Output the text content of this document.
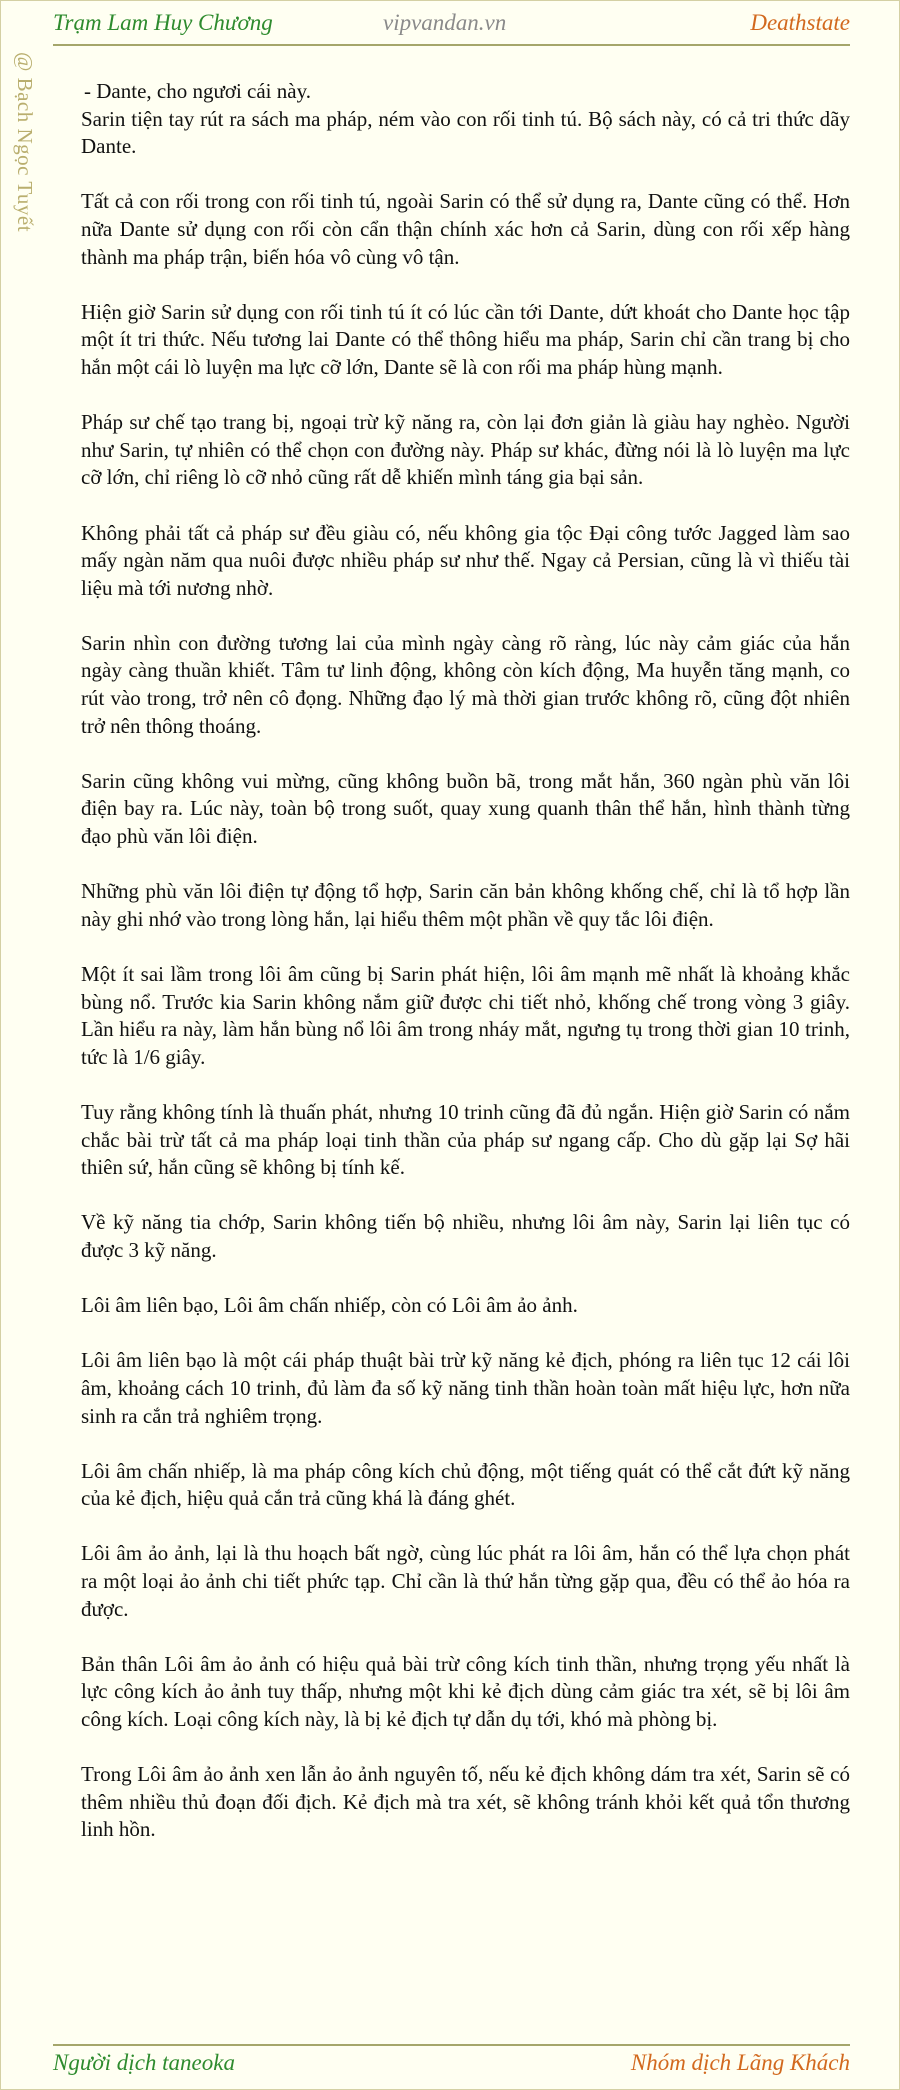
Trạm Lam Huy Chương	vipvandan.vn	Deathstate
@ Bạch Ngọc Tuyết - Dante, cho ngươi cái này.

Sarin tiện tay rút ra sách ma pháp, ném vào con rối tinh tú. Bộ sách này, có cả tri thức dãy Dante.

Tất cả con rối trong con rối tinh tú, ngoài Sarin có thể sử dụng ra, Dante cũng có thể. Hơn nữa Dante sử dụng con rối còn cẩn thận chính xác hơn cả Sarin, dùng con rối xếp hàng thành ma pháp trận, biến hóa vô cùng vô tận.

Hiện giờ Sarin sử dụng con rối tinh tú ít có lúc cần tới Dante, dứt khoát cho Dante học tập một ít tri thức. Nếu tương lai Dante có thể thông hiểu ma pháp, Sarin chỉ cần trang bị cho hắn một cái lò luyện ma lực cỡ lớn, Dante sẽ là con rối ma pháp hùng mạnh.

Pháp sư chế tạo trang bị, ngoại trừ kỹ năng ra, còn lại đơn giản là giàu hay nghèo. Người như Sarin, tự nhiên có thể chọn con đường này. Pháp sư khác, đừng nói là lò luyện ma lực cỡ lớn, chỉ riêng lò cỡ nhỏ cũng rất dễ khiến mình táng gia bại sản.

Không phải tất cả pháp sư đều giàu có, nếu không gia tộc Đại công tước Jagged làm sao mấy ngàn năm qua nuôi được nhiều pháp sư như thế. Ngay cả Persian, cũng là vì thiếu tài liệu mà tới nương nhờ.

Sarin nhìn con đường tương lai của mình ngày càng rõ ràng, lúc này cảm giác của hắn ngày càng thuần khiết. Tâm tư linh động, không còn kích động, Ma huyễn tăng mạnh, co rút vào trong, trở nên cô đọng. Những đạo lý mà thời gian trước không rõ, cũng đột nhiên trở nên thông thoáng.

Sarin cũng không vui mừng, cũng không buồn bã, trong mắt hắn, 360 ngàn phù văn lôi điện bay ra. Lúc này, toàn bộ trong suốt, quay xung quanh thân thể hắn, hình thành từng đạo phù văn lôi điện.

Những phù văn lôi điện tự động tổ hợp, Sarin căn bản không khống chế, chỉ là tổ hợp lần này ghi nhớ vào trong lòng hắn, lại hiểu thêm một phần về quy tắc lôi điện.

Một ít sai lầm trong lôi âm cũng bị Sarin phát hiện, lôi âm mạnh mẽ nhất là khoảng khắc bùng nổ. Trước kia Sarin không nắm giữ được chi tiết nhỏ, khống chế trong vòng 3 giây. Lần hiểu ra này, làm hắn bùng nổ lôi âm trong nháy mắt, ngưng tụ trong thời gian 10 trinh, tức là 1/6 giây.

Tuy rằng không tính là thuấn phát, nhưng 10 trinh cũng đã đủ ngắn. Hiện giờ Sarin có nắm chắc bài trừ tất cả ma pháp loại tinh thần của pháp sư ngang cấp. Cho dù gặp lại Sợ hãi thiên sứ, hắn cũng sẽ không bị tính kế.

Về kỹ năng tia chớp, Sarin không tiến bộ nhiều, nhưng lôi âm này, Sarin lại liên tục có được 3 kỹ năng.

Lôi âm liên bạo, Lôi âm chấn nhiếp, còn có Lôi âm ảo ảnh.

Lôi âm liên bạo là một cái pháp thuật bài trừ kỹ năng kẻ địch, phóng ra liên tục 12 cái lôi âm, khoảng cách 10 trinh, đủ làm đa số kỹ năng tinh thần hoàn toàn mất hiệu lực, hơn nữa sinh ra cắn trả nghiêm trọng.

Lôi âm chấn nhiếp, là ma pháp công kích chủ động, một tiếng quát có thể cắt đứt kỹ năng của kẻ địch, hiệu quả cắn trả cũng khá là đáng ghét.

Lôi âm ảo ảnh, lại là thu hoạch bất ngờ, cùng lúc phát ra lôi âm, hắn có thể lựa chọn phát ra một loại ảo ảnh chi tiết phức tạp. Chỉ cần là thứ hắn từng gặp qua, đều có thể ảo hóa ra được.

Bản thân Lôi âm ảo ảnh có hiệu quả bài trừ công kích tinh thần, nhưng trọng yếu nhất là lực công kích ảo ảnh tuy thấp, nhưng một khi kẻ địch dùng cảm giác tra xét, sẽ bị lôi âm công kích. Loại công kích này, là bị kẻ địch tự dẫn dụ tới, khó mà phòng bị.

Trong Lôi âm ảo ảnh xen lẫn ảo ảnh nguyên tố, nếu kẻ địch không dám tra xét, Sarin sẽ có thêm nhiều thủ đoạn đối địch. Kẻ địch mà tra xét, sẽ không tránh khỏi kết quả tổn thương linh hồn.

Người dịch taneoka	Nhóm dịch Lãng Khách
